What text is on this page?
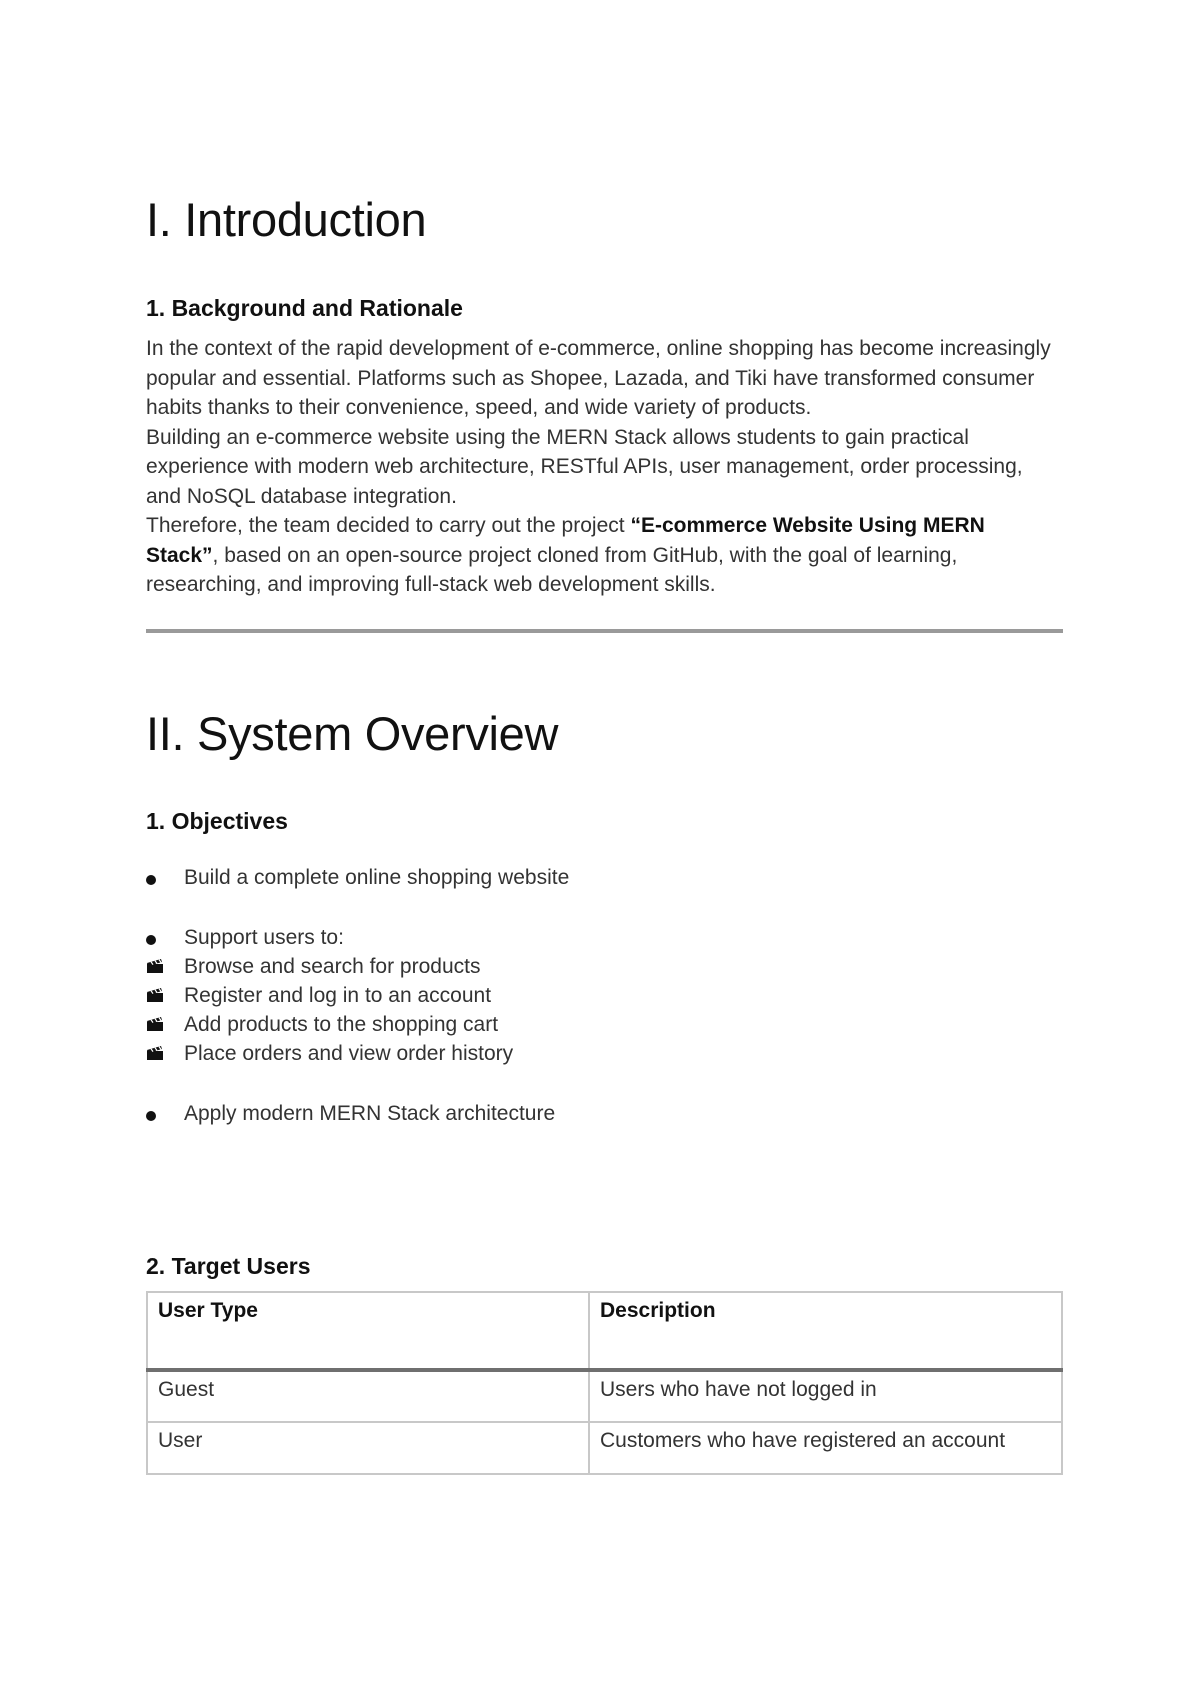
I. Introduction
1. Background and Rationale
In the context of the rapid development of e-commerce, online shopping has become increasingly popular and essential. Platforms such as Shopee, Lazada, and Tiki have transformed consumer habits thanks to their convenience, speed, and wide variety of products.
Building an e-commerce website using the MERN Stack allows students to gain practical experience with modern web architecture, RESTful APIs, user management, order processing, and NoSQL database integration.
Therefore, the team decided to carry out the project “E-commerce Website Using MERN Stack”, based on an open-source project cloned from GitHub, with the goal of learning, researching, and improving full-stack web development skills.
II. System Overview
1. Objectives
Build a complete online shopping website
Support users to:
Browse and search for products
Register and log in to an account
Add products to the shopping cart
Place orders and view order history
Apply modern MERN Stack architecture
2. Target Users
User Type	Description
Guest	Users who have not logged in
User	Customers who have registered an account
